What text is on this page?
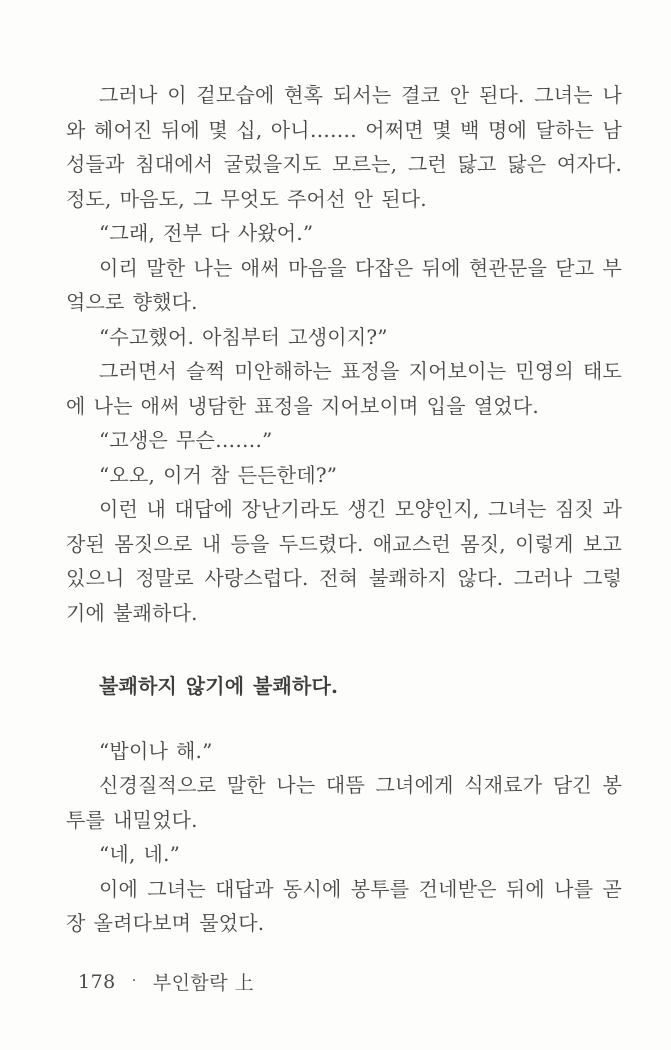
그러나 이 겉모습에 현혹 되서는 결코 안 된다. 그녀는 나와 헤어진 뒤에 몇 십, 아니……. 어쩌면 몇 백 명에 달하는 남성들과 침대에서 굴렀을지도 모르는, 그런 닳고 닳은 여자다. 정도, 마음도, 그 무엇도 주어선 안 된다.

“그래, 전부 다 사왔어.”

이리 말한 나는 애써 마음을 다잡은 뒤에 현관문을 닫고 부엌으로 향했다.

“수고했어. 아침부터 고생이지?”

그러면서 슬쩍 미안해하는 표정을 지어보이는 민영의 태도에 나는 애써 냉담한 표정을 지어보이며 입을 열었다.

“고생은 무슨…….”

“오오, 이거 참 든든한데?”

이런 내 대답에 장난기라도 생긴 모양인지, 그녀는 짐짓 과장된 몸짓으로 내 등을 두드렸다. 애교스런 몸짓, 이렇게 보고 있으니 정말로 사랑스럽다. 전혀 불쾌하지 않다. 그러나 그렇기에 불쾌하다.

불쾌하지 않기에 불쾌하다.

“밥이나 해.”

신경질적으로 말한 나는 대뜸 그녀에게 식재료가 담긴 봉투를 내밀었다.

“네, 네.”

이에 그녀는 대답과 동시에 봉투를 건네받은 뒤에 나를 곧장 올려다보며 물었다.

178 · 부인함락 上
